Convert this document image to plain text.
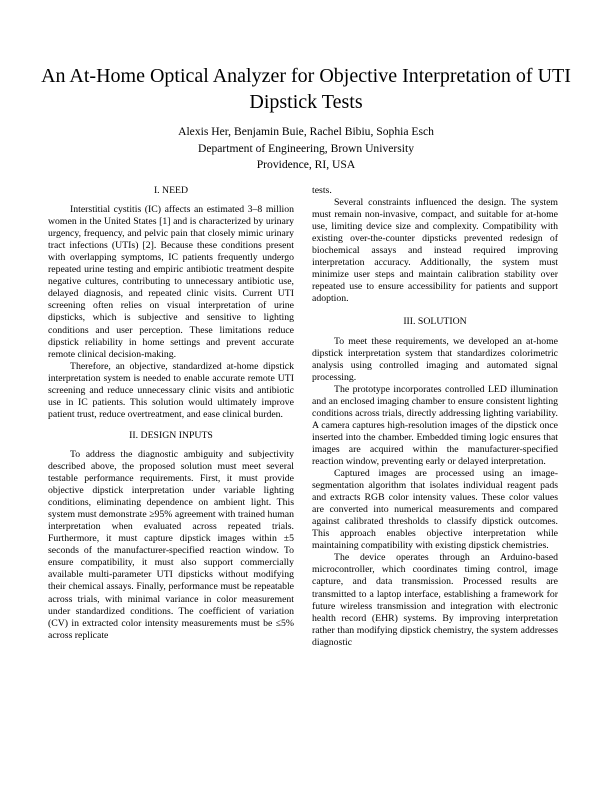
An At-Home Optical Analyzer for Objective Interpretation of UTI Dipstick Tests
Alexis Her, Benjamin Buie, Rachel Bibiu, Sophia Esch
Department of Engineering, Brown University
Providence, RI, USA
I. NEED

Interstitial cystitis (IC) affects an estimated 3–8 million women in the United States [1] and is characterized by urinary urgency, frequency, and pelvic pain that closely mimic urinary tract infections (UTIs) [2]. Because these conditions present with overlapping symptoms, IC patients frequently undergo repeated urine testing and empiric antibiotic treatment despite negative cultures, contributing to unnecessary antibiotic use, delayed diagnosis, and repeated clinic visits. Current UTI screening often relies on visual interpretation of urine dipsticks, which is subjective and sensitive to lighting conditions and user perception. These limitations reduce dipstick reliability in home settings and prevent accurate remote clinical decision-making.

Therefore, an objective, standardized at-home dipstick interpretation system is needed to enable accurate remote UTI screening and reduce unnecessary clinic visits and antibiotic use in IC patients. This solution would ultimately improve patient trust, reduce overtreatment, and ease clinical burden.

II. DESIGN INPUTS

To address the diagnostic ambiguity and subjectivity described above, the proposed solution must meet several testable performance requirements. First, it must provide objective dipstick interpretation under variable lighting conditions, eliminating dependence on ambient light. This system must demonstrate ≥95% agreement with trained human interpretation when evaluated across repeated trials. Furthermore, it must capture dipstick images within ±5 seconds of the manufacturer-specified reaction window. To ensure compatibility, it must also support commercially available multi-parameter UTI dipsticks without modifying their chemical assays. Finally, performance must be repeatable across trials, with minimal variance in color measurement under standardized conditions. The coefficient of variation (CV) in extracted color intensity measurements must be ≤5% across replicate

tests.

Several constraints influenced the design. The system must remain non-invasive, compact, and suitable for at-home use, limiting device size and complexity. Compatibility with existing over-the-counter dipsticks prevented redesign of biochemical assays and instead required improving interpretation accuracy. Additionally, the system must minimize user steps and maintain calibration stability over repeated use to ensure accessibility for patients and support adoption.

III. SOLUTION

To meet these requirements, we developed an at-home dipstick interpretation system that standardizes colorimetric analysis using controlled imaging and automated signal processing.

The prototype incorporates controlled LED illumination and an enclosed imaging chamber to ensure consistent lighting conditions across trials, directly addressing lighting variability. A camera captures high-resolution images of the dipstick once inserted into the chamber. Embedded timing logic ensures that images are acquired within the manufacturer-specified reaction window, preventing early or delayed interpretation.

Captured images are processed using an image-segmentation algorithm that isolates individual reagent pads and extracts RGB color intensity values. These color values are converted into numerical measurements and compared against calibrated thresholds to classify dipstick outcomes. This approach enables objective interpretation while maintaining compatibility with existing dipstick chemistries.

The device operates through an Arduino-based microcontroller, which coordinates timing control, image capture, and data transmission. Processed results are transmitted to a laptop interface, establishing a framework for future wireless transmission and integration with electronic health record (EHR) systems. By improving interpretation rather than modifying dipstick chemistry, the system addresses diagnostic
